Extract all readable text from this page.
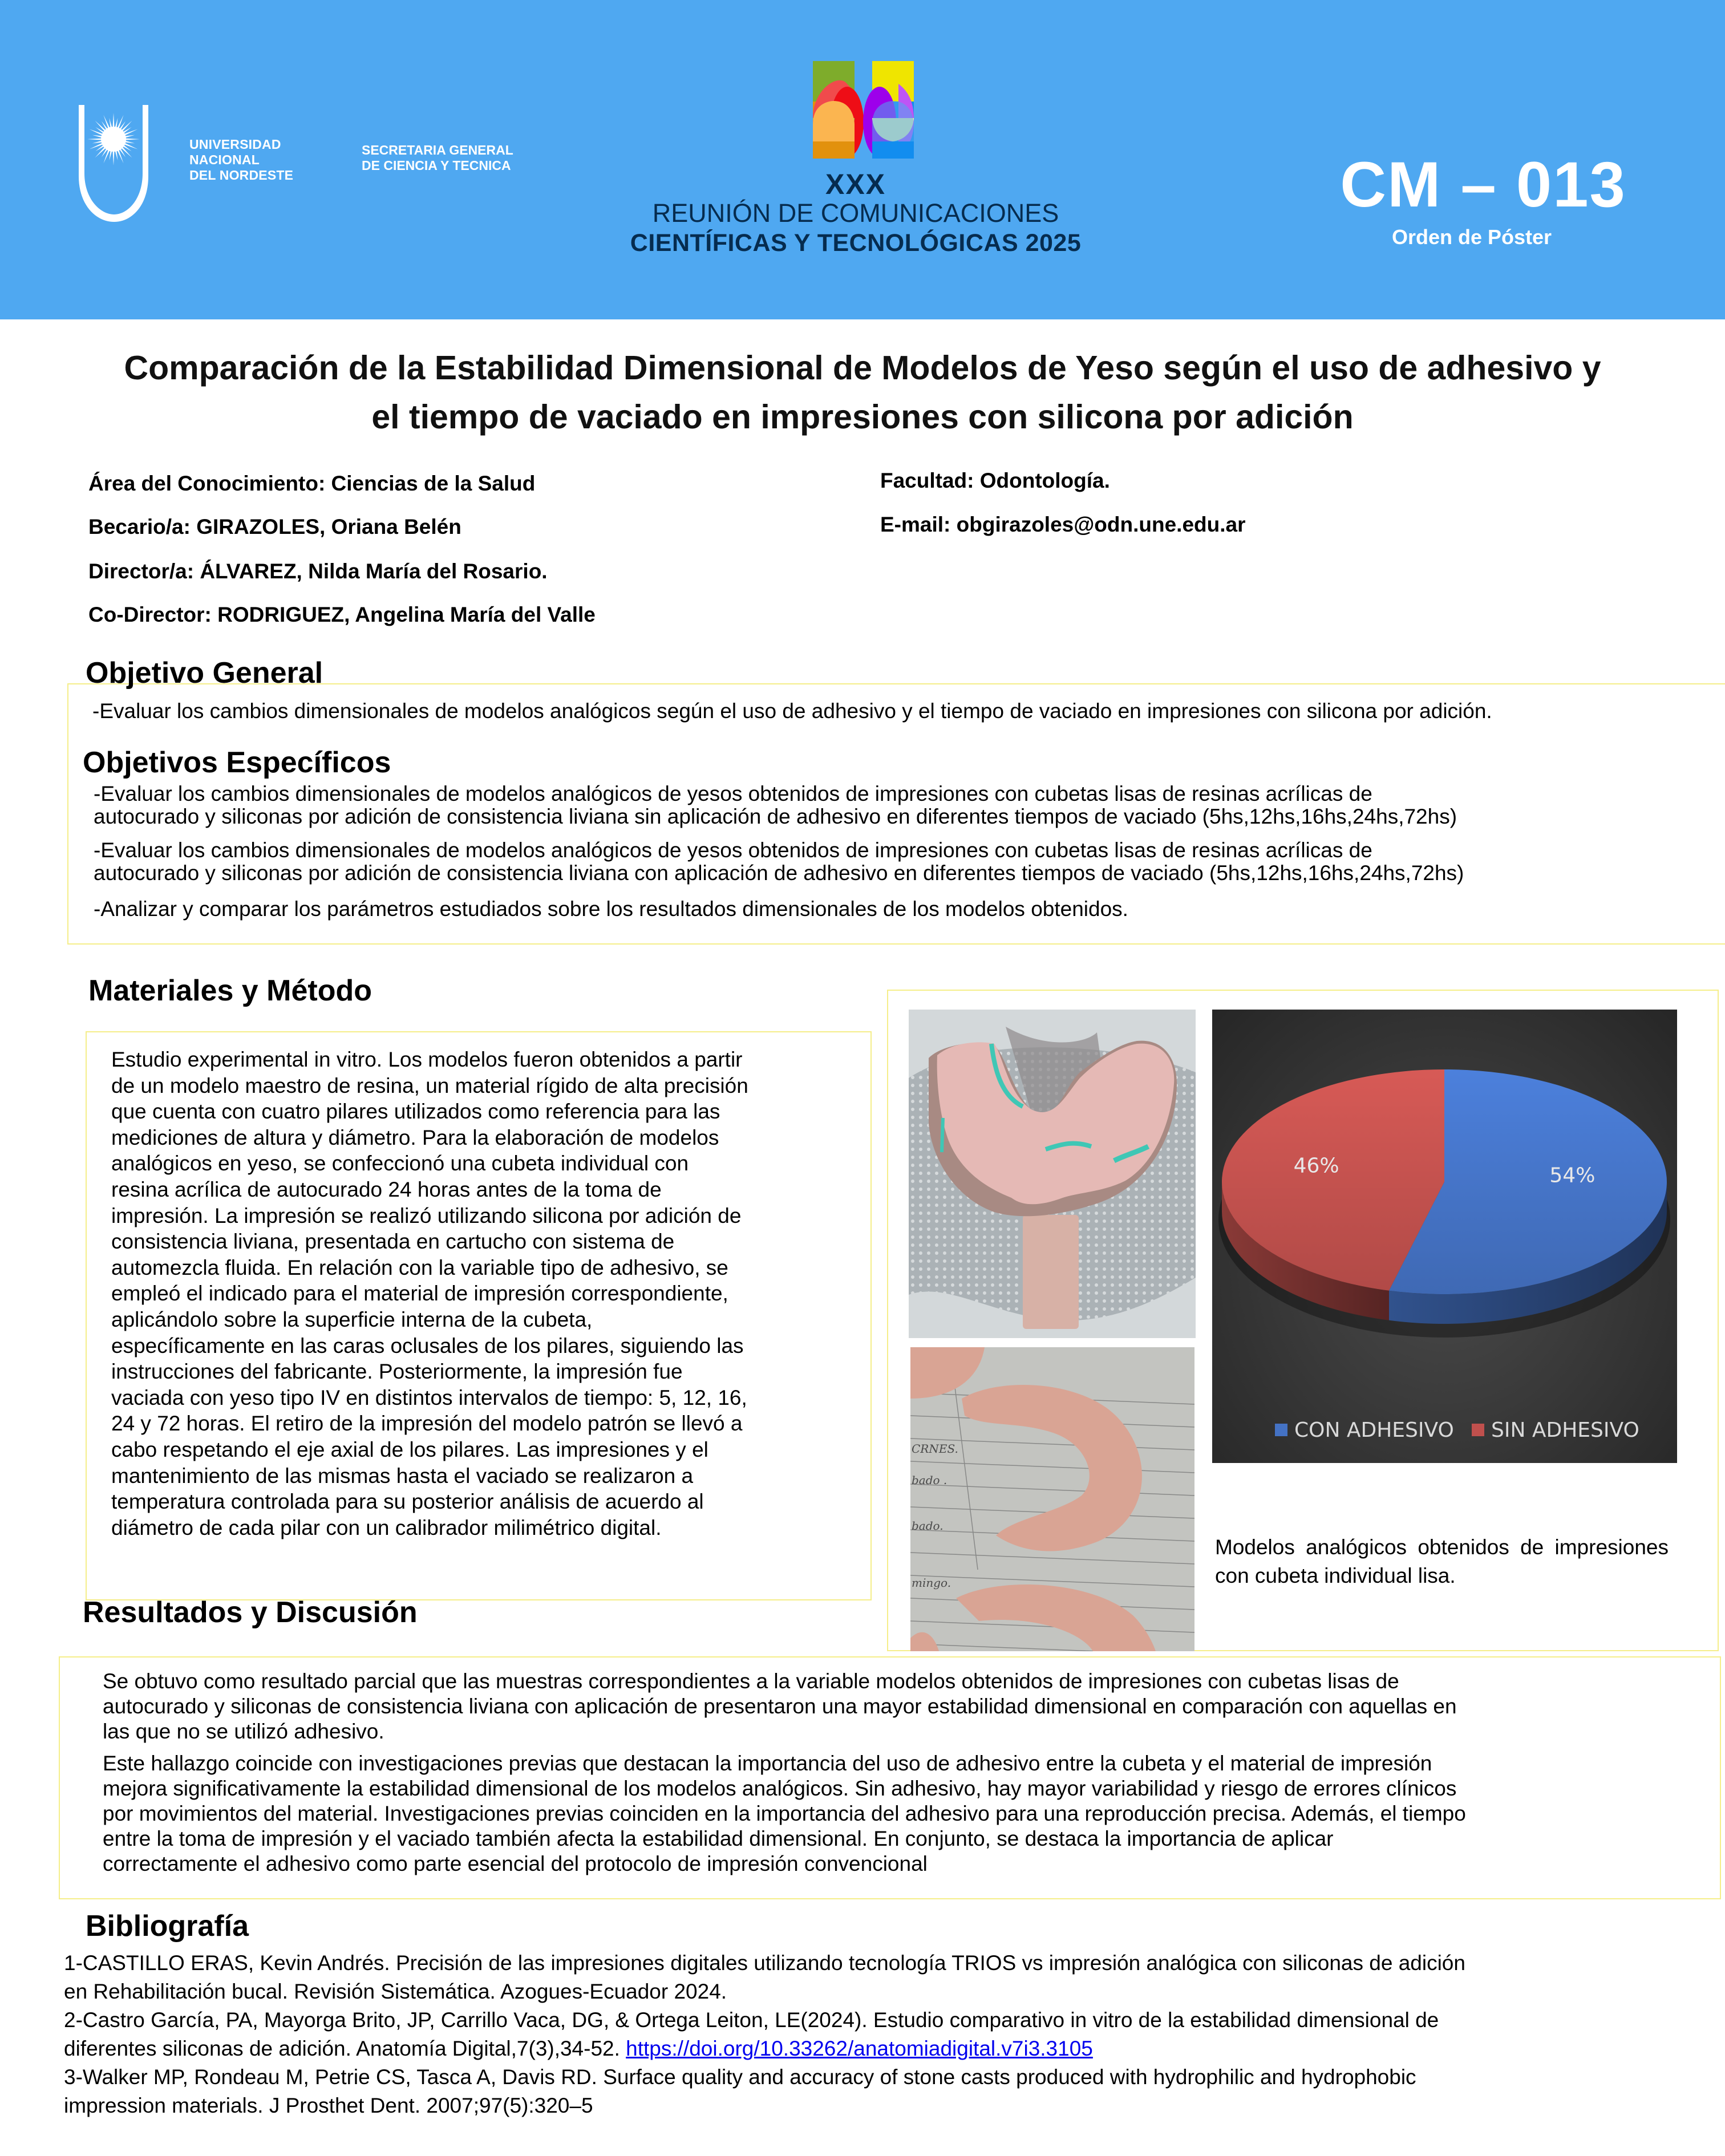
UNIVERSIDAD
NACIONAL
DEL NORDESTE
SECRETARIA GENERAL
DE CIENCIA Y TECNICA
XXX
REUNIÓN DE COMUNICACIONES
CIENTÍFICAS Y TECNOLÓGICAS 2025
CM – 013
Orden de Póster
Comparación de la Estabilidad Dimensional de Modelos de Yeso según el uso de adhesivo y
el tiempo de vaciado en impresiones con silicona por adición
Área del Conocimiento: Ciencias de la Salud
Becario/a: GIRAZOLES, Oriana Belén
Director/a: ÁLVAREZ, Nilda María del Rosario.
Co-Director: RODRIGUEZ, Angelina María del Valle
Facultad: Odontología.
E-mail: obgirazoles@odn.une.edu.ar
Objetivo General
-Evaluar los cambios dimensionales de modelos analógicos según el uso de adhesivo y el tiempo de vaciado en impresiones con silicona por adición.
Objetivos Específicos
-Evaluar los cambios dimensionales de modelos analógicos de yesos obtenidos de impresiones con cubetas lisas de resinas acrílicas de
autocurado y siliconas por adición de consistencia liviana sin aplicación de adhesivo en diferentes tiempos de vaciado (5hs,12hs,16hs,24hs,72hs)
-Evaluar los cambios dimensionales de modelos analógicos de yesos obtenidos de impresiones con cubetas lisas de resinas acrílicas de
autocurado y siliconas por adición de consistencia liviana con aplicación de adhesivo en diferentes tiempos de vaciado (5hs,12hs,16hs,24hs,72hs)
-Analizar y comparar los parámetros estudiados sobre los resultados dimensionales de los modelos obtenidos.
Materiales y Método
Estudio experimental in vitro. Los modelos fueron obtenidos a partir
de un modelo maestro de resina, un material rígido de alta precisión
que cuenta con cuatro pilares utilizados como referencia para las
mediciones de altura y diámetro. Para la elaboración de modelos
analógicos en yeso, se confeccionó una cubeta individual con
resina acrílica de autocurado 24 horas antes de la toma de
impresión. La impresión se realizó utilizando silicona por adición de
consistencia liviana, presentada en cartucho con sistema de
automezcla fluida. En relación con la variable tipo de adhesivo, se
empleó el indicado para el material de impresión correspondiente,
aplicándolo sobre la superficie interna de la cubeta,
específicamente en las caras oclusales de los pilares, siguiendo las
instrucciones del fabricante. Posteriormente, la impresión fue
vaciada con yeso tipo IV en distintos intervalos de tiempo: 5, 12, 16,
24 y 72 horas. El retiro de la impresión del modelo patrón se llevó a
cabo respetando el eje axial de los pilares. Las impresiones y el
mantenimiento de las mismas hasta el vaciado se realizaron a
temperatura controlada para su posterior análisis de acuerdo al
diámetro de cada pilar con un calibrador milimétrico digital.
CRNES.
bado .
bado.
mingo.
54%
46%
CON ADHESIVO SIN ADHESIVO
Modelos analógicos obtenidos de impresiones con cubeta individual lisa.
Resultados y Discusión
Se obtuvo como resultado parcial que las muestras correspondientes a la variable modelos obtenidos de impresiones con cubetas lisas de
autocurado y siliconas de consistencia liviana con aplicación de presentaron una mayor estabilidad dimensional en comparación con aquellas en
las que no se utilizó adhesivo.
Este hallazgo coincide con investigaciones previas que destacan la importancia del uso de adhesivo entre la cubeta y el material de impresión
mejora significativamente la estabilidad dimensional de los modelos analógicos. Sin adhesivo, hay mayor variabilidad y riesgo de errores clínicos
por movimientos del material. Investigaciones previas coinciden en la importancia del adhesivo para una reproducción precisa. Además, el tiempo
entre la toma de impresión y el vaciado también afecta la estabilidad dimensional. En conjunto, se destaca la importancia de aplicar
correctamente el adhesivo como parte esencial del protocolo de impresión convencional
Bibliografía
1-CASTILLO ERAS, Kevin Andrés. Precisión de las impresiones digitales utilizando tecnología TRIOS vs impresión analógica con siliconas de adición
en Rehabilitación bucal. Revisión Sistemática. Azogues-Ecuador 2024.
2-Castro García, PA, Mayorga Brito, JP, Carrillo Vaca, DG, & Ortega Leiton, LE(2024). Estudio comparativo in vitro de la estabilidad dimensional de
diferentes siliconas de adición. Anatomía Digital,7(3),34-52. https://doi.org/10.33262/anatomiadigital.v7i3.3105
3-Walker MP, Rondeau M, Petrie CS, Tasca A, Davis RD. Surface quality and accuracy of stone casts produced with hydrophilic and hydrophobic
impression materials. J Prosthet Dent. 2007;97(5):320–5
